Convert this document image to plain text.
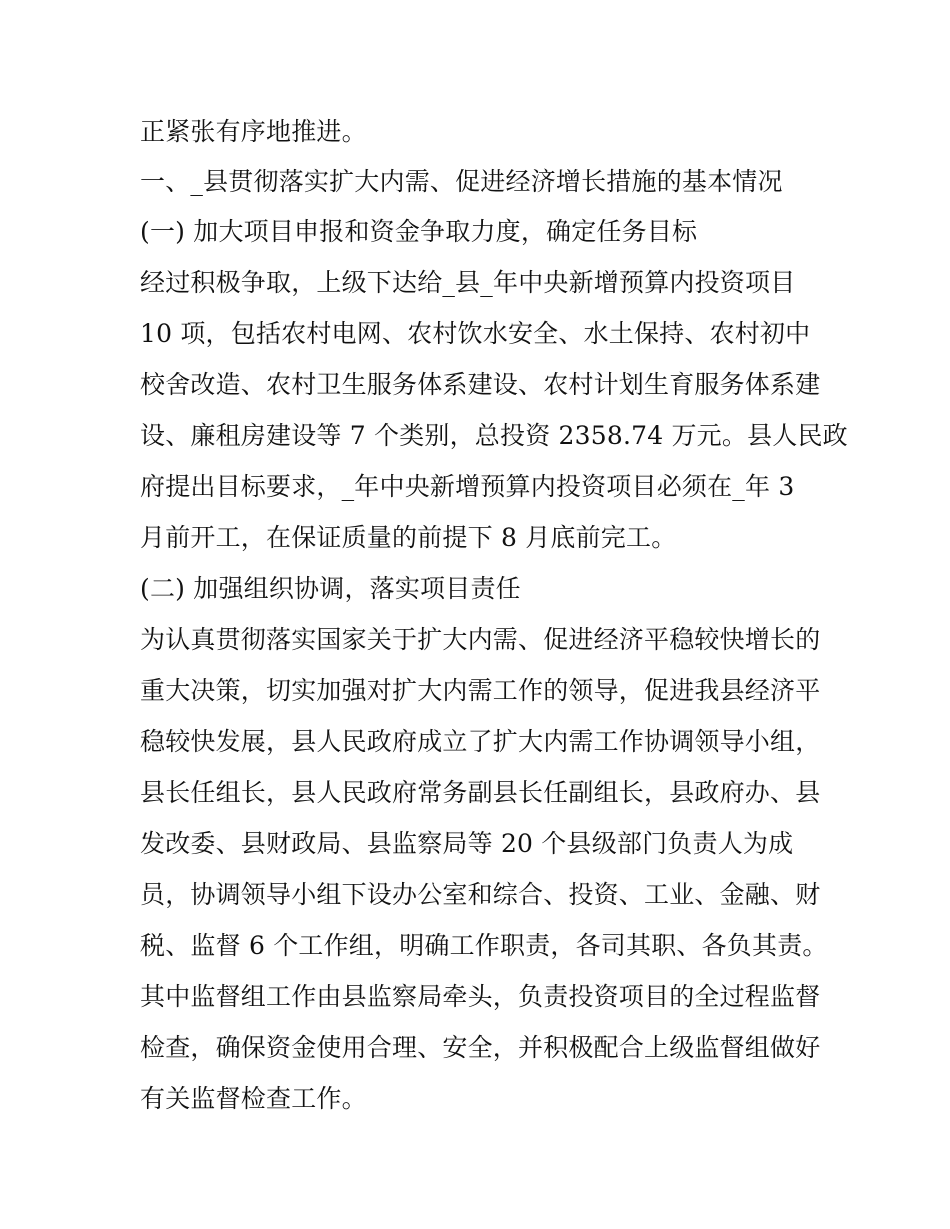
正紧张有序地推进。
一、_县贯彻落实扩大内需、促进经济增长措施的基本情况
(一) 加大项目申报和资金争取力度，确定任务目标
经过积极争取，上级下达给_县_年中央新增预算内投资项目
10 项，包括农村电网、农村饮水安全、水土保持、农村初中
校舍改造、农村卫生服务体系建设、农村计划生育服务体系建
设、廉租房建设等 7 个类别，总投资 2358.74 万元。县人民政
府提出目标要求，_年中央新增预算内投资项目必须在_年 3
月前开工，在保证质量的前提下 8 月底前完工。
(二) 加强组织协调，落实项目责任
为认真贯彻落实国家关于扩大内需、促进经济平稳较快增长的
重大决策，切实加强对扩大内需工作的领导，促进我县经济平
稳较快发展，县人民政府成立了扩大内需工作协调领导小组，
县长任组长，县人民政府常务副县长任副组长，县政府办、县
发改委、县财政局、县监察局等 20 个县级部门负责人为成
员，协调领导小组下设办公室和综合、投资、工业、金融、财
税、监督 6 个工作组，明确工作职责，各司其职、各负其责。
其中监督组工作由县监察局牵头，负责投资项目的全过程监督
检查，确保资金使用合理、安全，并积极配合上级监督组做好
有关监督检查工作。
